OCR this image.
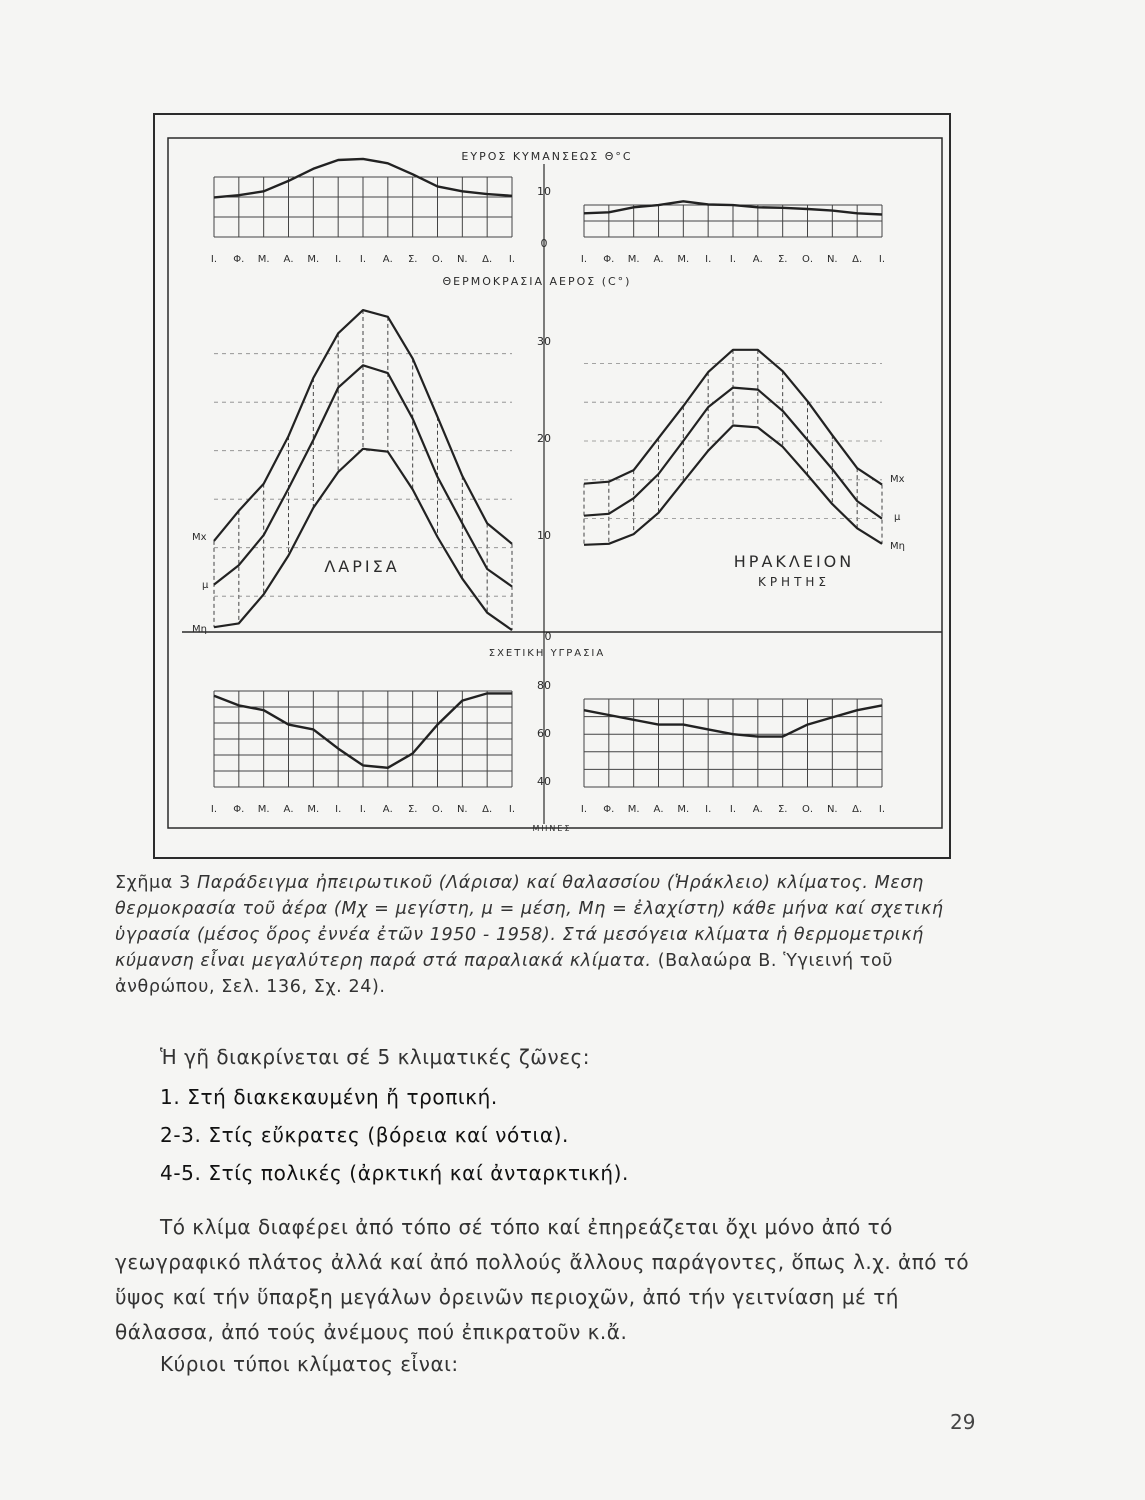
ΕΥΡΟΣ ΚΥΜΑΝΣΕΩΣ Θ°C
ΘΕΡΜΟΚΡΑΣΙΑ ΑΕΡΟΣ (C°)
ΣΧΕΤΙΚΗ ΥΓΡΑΣΙΑ
ΜΗΝΕΣ
10
0
30
20
10
0
80
60
40
Mx
μ
Mη
Mx
μ
Mη
ΛΑΡΙΣΑ	ΗΡΑΚΛΕΙΟΝ
ΚΡΗΤΗΣ
Ι. Φ. Μ. Α. Μ. Ι. Ι. Α. Σ. Ο. Ν. Δ. Ι.	Ι. Φ. Μ. Α. Μ. Ι. Ι. Α. Σ. Ο. Ν. Δ. Ι.
Ι. Φ. Μ. Α. Μ. Ι. Ι. Α. Σ. Ο. Ν. Δ. Ι.	Ι. Φ. Μ. Α. Μ. Ι. Ι. Α. Σ. Ο. Ν. Δ. Ι.
Σχῆμα 3 Παράδειγμα ἠπειρωτικοῦ (Λάρισα) καί θαλασσίου (Ἡράκλειο) κλίματος. Μεση θερμοκρασία τοῦ ἀέρα (Μχ = μεγίστη, μ = μέση, Μη = ἐλαχίστη) κάθε μήνα καί σχετική ὑγρασία (μέσος ὅρος ἐννέα ἐτῶν 1950 - 1958). Στά μεσόγεια κλίματα ἡ θερμομετρική κύμανση εἶναι μεγαλύτερη παρά στά παραλιακά κλίματα. (Βαλαώρα Β. Ὑγιεινή τοῦ ἀνθρώπου, Σελ. 136, Σχ. 24).
Ἡ γῆ διακρίνεται σέ 5 κλιματικές ζῶνες:
1. Στή διακεκαυμένη ἤ τροπική.
2-3. Στίς εὔκρατες (βόρεια καί νότια).
4-5. Στίς πολικές (ἀρκτική καί ἀνταρκτική).
Τό κλίμα διαφέρει ἀπό τόπο σέ τόπο καί ἐπηρεάζεται ὄχι μόνο ἀπό τό γεωγραφικό πλάτος ἀλλά καί ἀπό πολλούς ἄλλους παράγοντες, ὅπως λ.χ. ἀπό τό ὕψος καί τήν ὕπαρξη μεγάλων ὀρεινῶν περιοχῶν, ἀπό τήν γειτνίαση μέ τή θάλασσα, ἀπό τούς ἀνέμους πού ἐπικρατοῦν κ.ἄ.
Κύριοι τύποι κλίματος εἶναι:
29
